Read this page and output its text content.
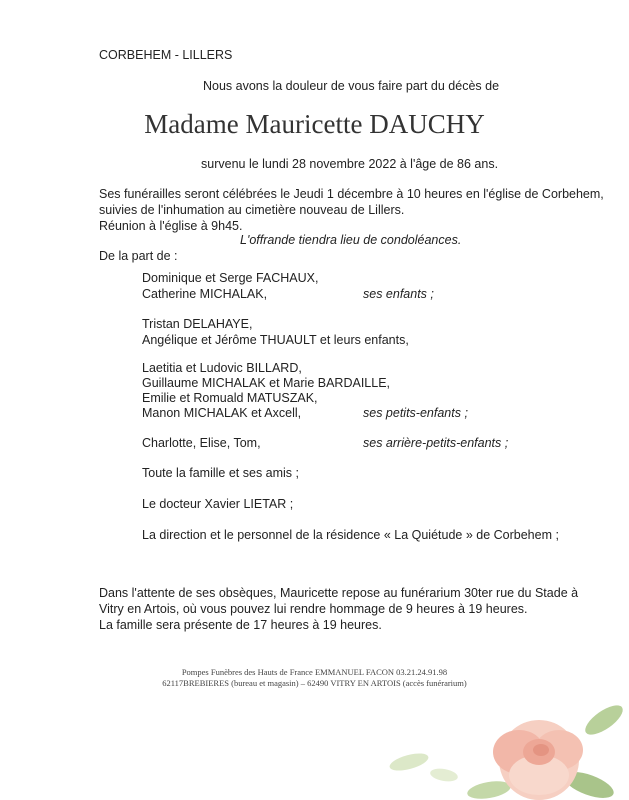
CORBEHEM - LILLERS
Nous avons la douleur de vous faire part du décès de
Madame Mauricette DAUCHY
survenu le lundi 28 novembre 2022 à l'âge de 86 ans.
Ses funérailles seront célébrées le Jeudi 1 décembre à 10 heures en l'église de Corbehem,
suivies de l'inhumation au cimetière nouveau de Lillers.
Réunion à l'église à 9h45.
L'offrande tiendra lieu de condoléances.
De la part de :
Dominique et Serge FACHAUX,
Catherine MICHALAK,	ses enfants ;
Tristan DELAHAYE,
Angélique et Jérôme THUAULT et leurs enfants,
Laetitia et Ludovic BILLARD,
Guillaume MICHALAK et Marie BARDAILLE,
Emilie et Romuald MATUSZAK,
Manon MICHALAK et Axcell,	ses petits-enfants ;
Charlotte, Elise, Tom,	ses arrière-petits-enfants ;
Toute la famille et ses amis ;
Le docteur Xavier LIETAR ;
La direction et le personnel de la résidence « La Quiétude » de Corbehem ;
Dans l'attente de ses obsèques, Mauricette repose au funérarium 30ter rue du Stade à
Vitry en Artois, où vous pouvez lui rendre hommage de 9 heures à 19 heures.
La famille sera présente de 17 heures à 19 heures.
Pompes Funèbres des Hauts de France EMMANUEL FACON 03.21.24.91.98
62117BREBIERES (bureau et magasin) – 62490 VITRY EN ARTOIS (accès funérarium)
